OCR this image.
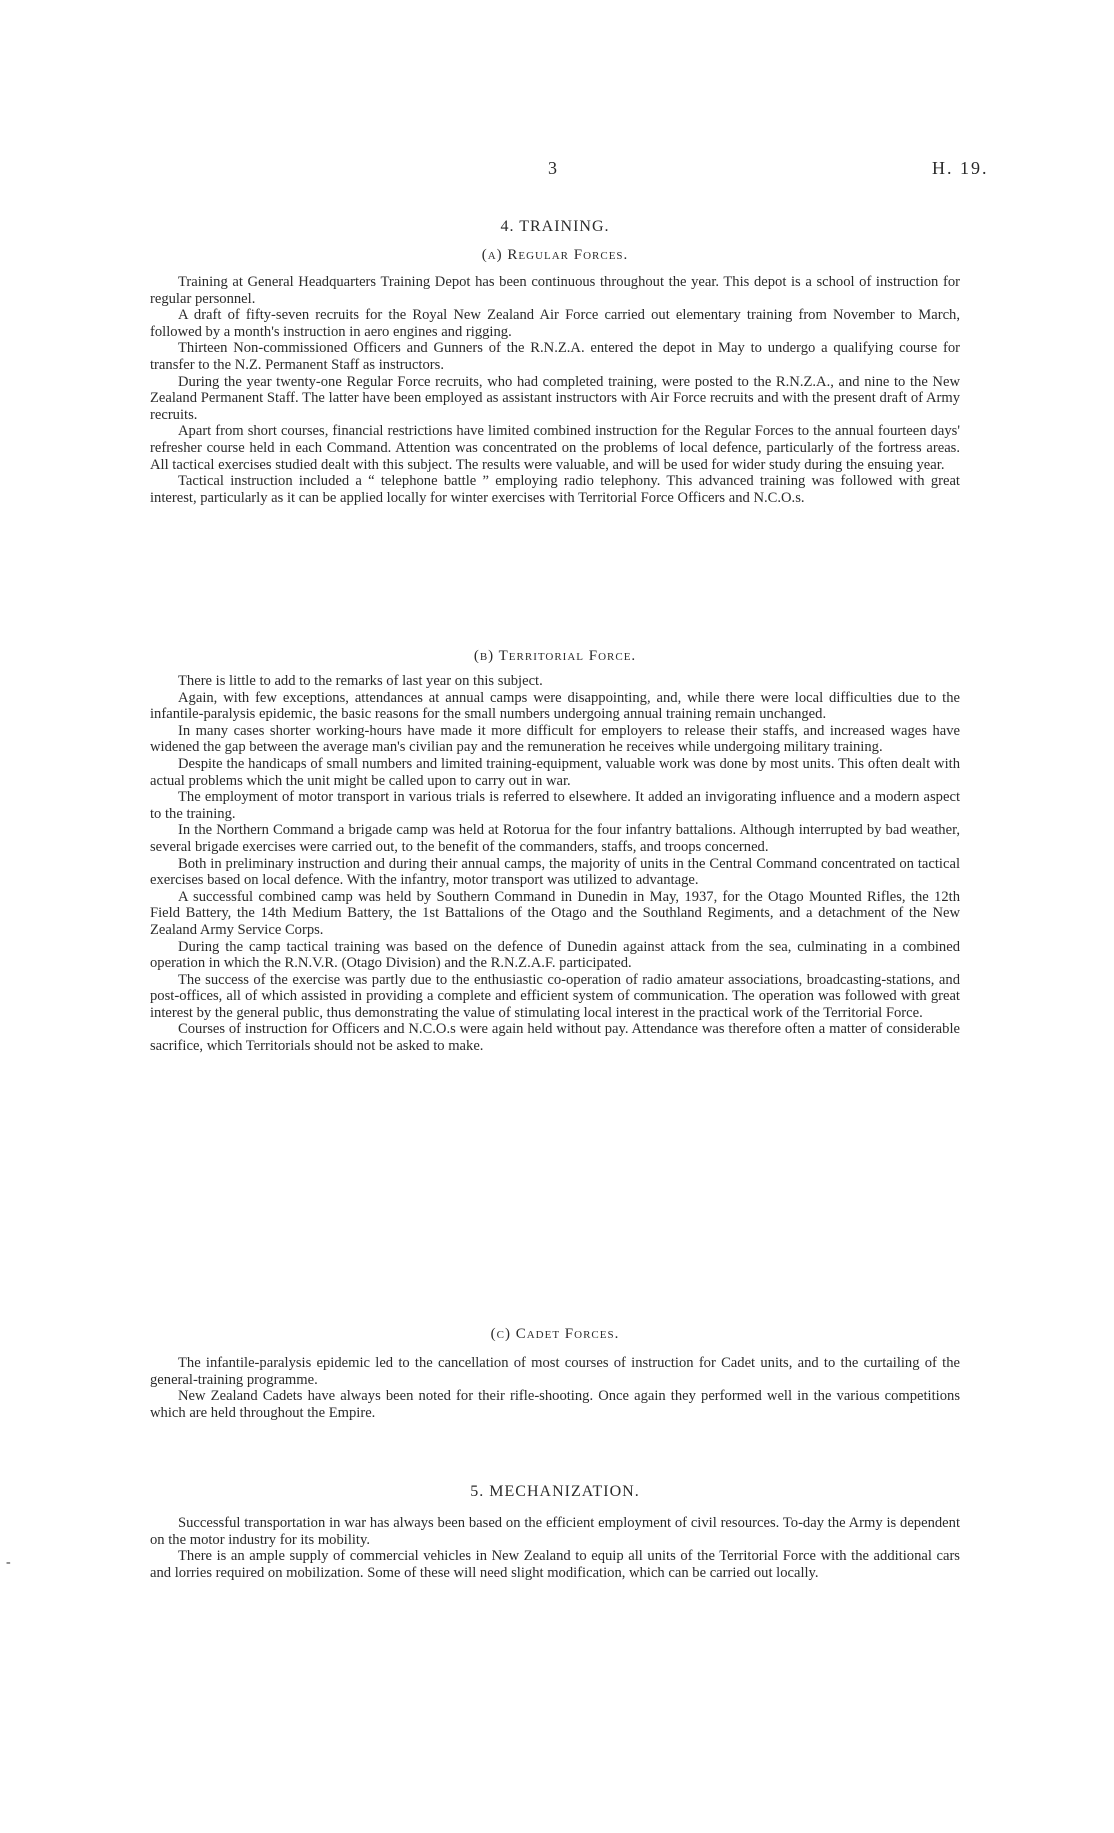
3	H. 19.

4. TRAINING.

(a) Regular Forces.

Training at General Headquarters Training Depot has been continuous throughout the year. This depot is a school of instruction for regular personnel.

A draft of fifty-seven recruits for the Royal New Zealand Air Force carried out elementary training from November to March, followed by a month's instruction in aero engines and rigging.

Thirteen Non-commissioned Officers and Gunners of the R.N.Z.A. entered the depot in May to undergo a qualifying course for transfer to the N.Z. Permanent Staff as instructors.

During the year twenty-one Regular Force recruits, who had completed training, were posted to the R.N.Z.A., and nine to the New Zealand Permanent Staff. The latter have been employed as assistant instructors with Air Force recruits and with the present draft of Army recruits.

Apart from short courses, financial restrictions have limited combined instruction for the Regular Forces to the annual fourteen days' refresher course held in each Command. Attention was concentrated on the problems of local defence, particularly of the fortress areas. All tactical exercises studied dealt with this subject. The results were valuable, and will be used for wider study during the ensuing year.

Tactical instruction included a “ telephone battle ” employing radio telephony. This advanced training was followed with great interest, particularly as it can be applied locally for winter exercises with Territorial Force Officers and N.C.O.s.

(b) Territorial Force.

There is little to add to the remarks of last year on this subject.

Again, with few exceptions, attendances at annual camps were disappointing, and, while there were local difficulties due to the infantile-paralysis epidemic, the basic reasons for the small numbers undergoing annual training remain unchanged.

In many cases shorter working-hours have made it more difficult for employers to release their staffs, and increased wages have widened the gap between the average man's civilian pay and the remuneration he receives while undergoing military training.

Despite the handicaps of small numbers and limited training-equipment, valuable work was done by most units. This often dealt with actual problems which the unit might be called upon to carry out in war.

The employment of motor transport in various trials is referred to elsewhere. It added an invigorating influence and a modern aspect to the training.

In the Northern Command a brigade camp was held at Rotorua for the four infantry battalions. Although interrupted by bad weather, several brigade exercises were carried out, to the benefit of the commanders, staffs, and troops concerned.

Both in preliminary instruction and during their annual camps, the majority of units in the Central Command concentrated on tactical exercises based on local defence. With the infantry, motor transport was utilized to advantage.

A successful combined camp was held by Southern Command in Dunedin in May, 1937, for the Otago Mounted Rifles, the 12th Field Battery, the 14th Medium Battery, the 1st Battalions of the Otago and the Southland Regiments, and a detachment of the New Zealand Army Service Corps.

During the camp tactical training was based on the defence of Dunedin against attack from the sea, culminating in a combined operation in which the R.N.V.R. (Otago Division) and the R.N.Z.A.F. participated.

The success of the exercise was partly due to the enthusiastic co-operation of radio amateur associations, broadcasting-stations, and post-offices, all of which assisted in providing a complete and efficient system of communication. The operation was followed with great interest by the general public, thus demonstrating the value of stimulating local interest in the practical work of the Territorial Force.

Courses of instruction for Officers and N.C.O.s were again held without pay. Attendance was therefore often a matter of considerable sacrifice, which Territorials should not be asked to make.

(c) Cadet Forces.

The infantile-paralysis epidemic led to the cancellation of most courses of instruction for Cadet units, and to the curtailing of the general-training programme.

New Zealand Cadets have always been noted for their rifle-shooting. Once again they performed well in the various competitions which are held throughout the Empire.

5. MECHANIZATION.

Successful transportation in war has always been based on the efficient employment of civil resources. To-day the Army is dependent on the motor industry for its mobility.

There is an ample supply of commercial vehicles in New Zealand to equip all units of the Territorial Force with the additional cars and lorries required on mobilization. Some of these will need slight modification, which can be carried out locally.

-
